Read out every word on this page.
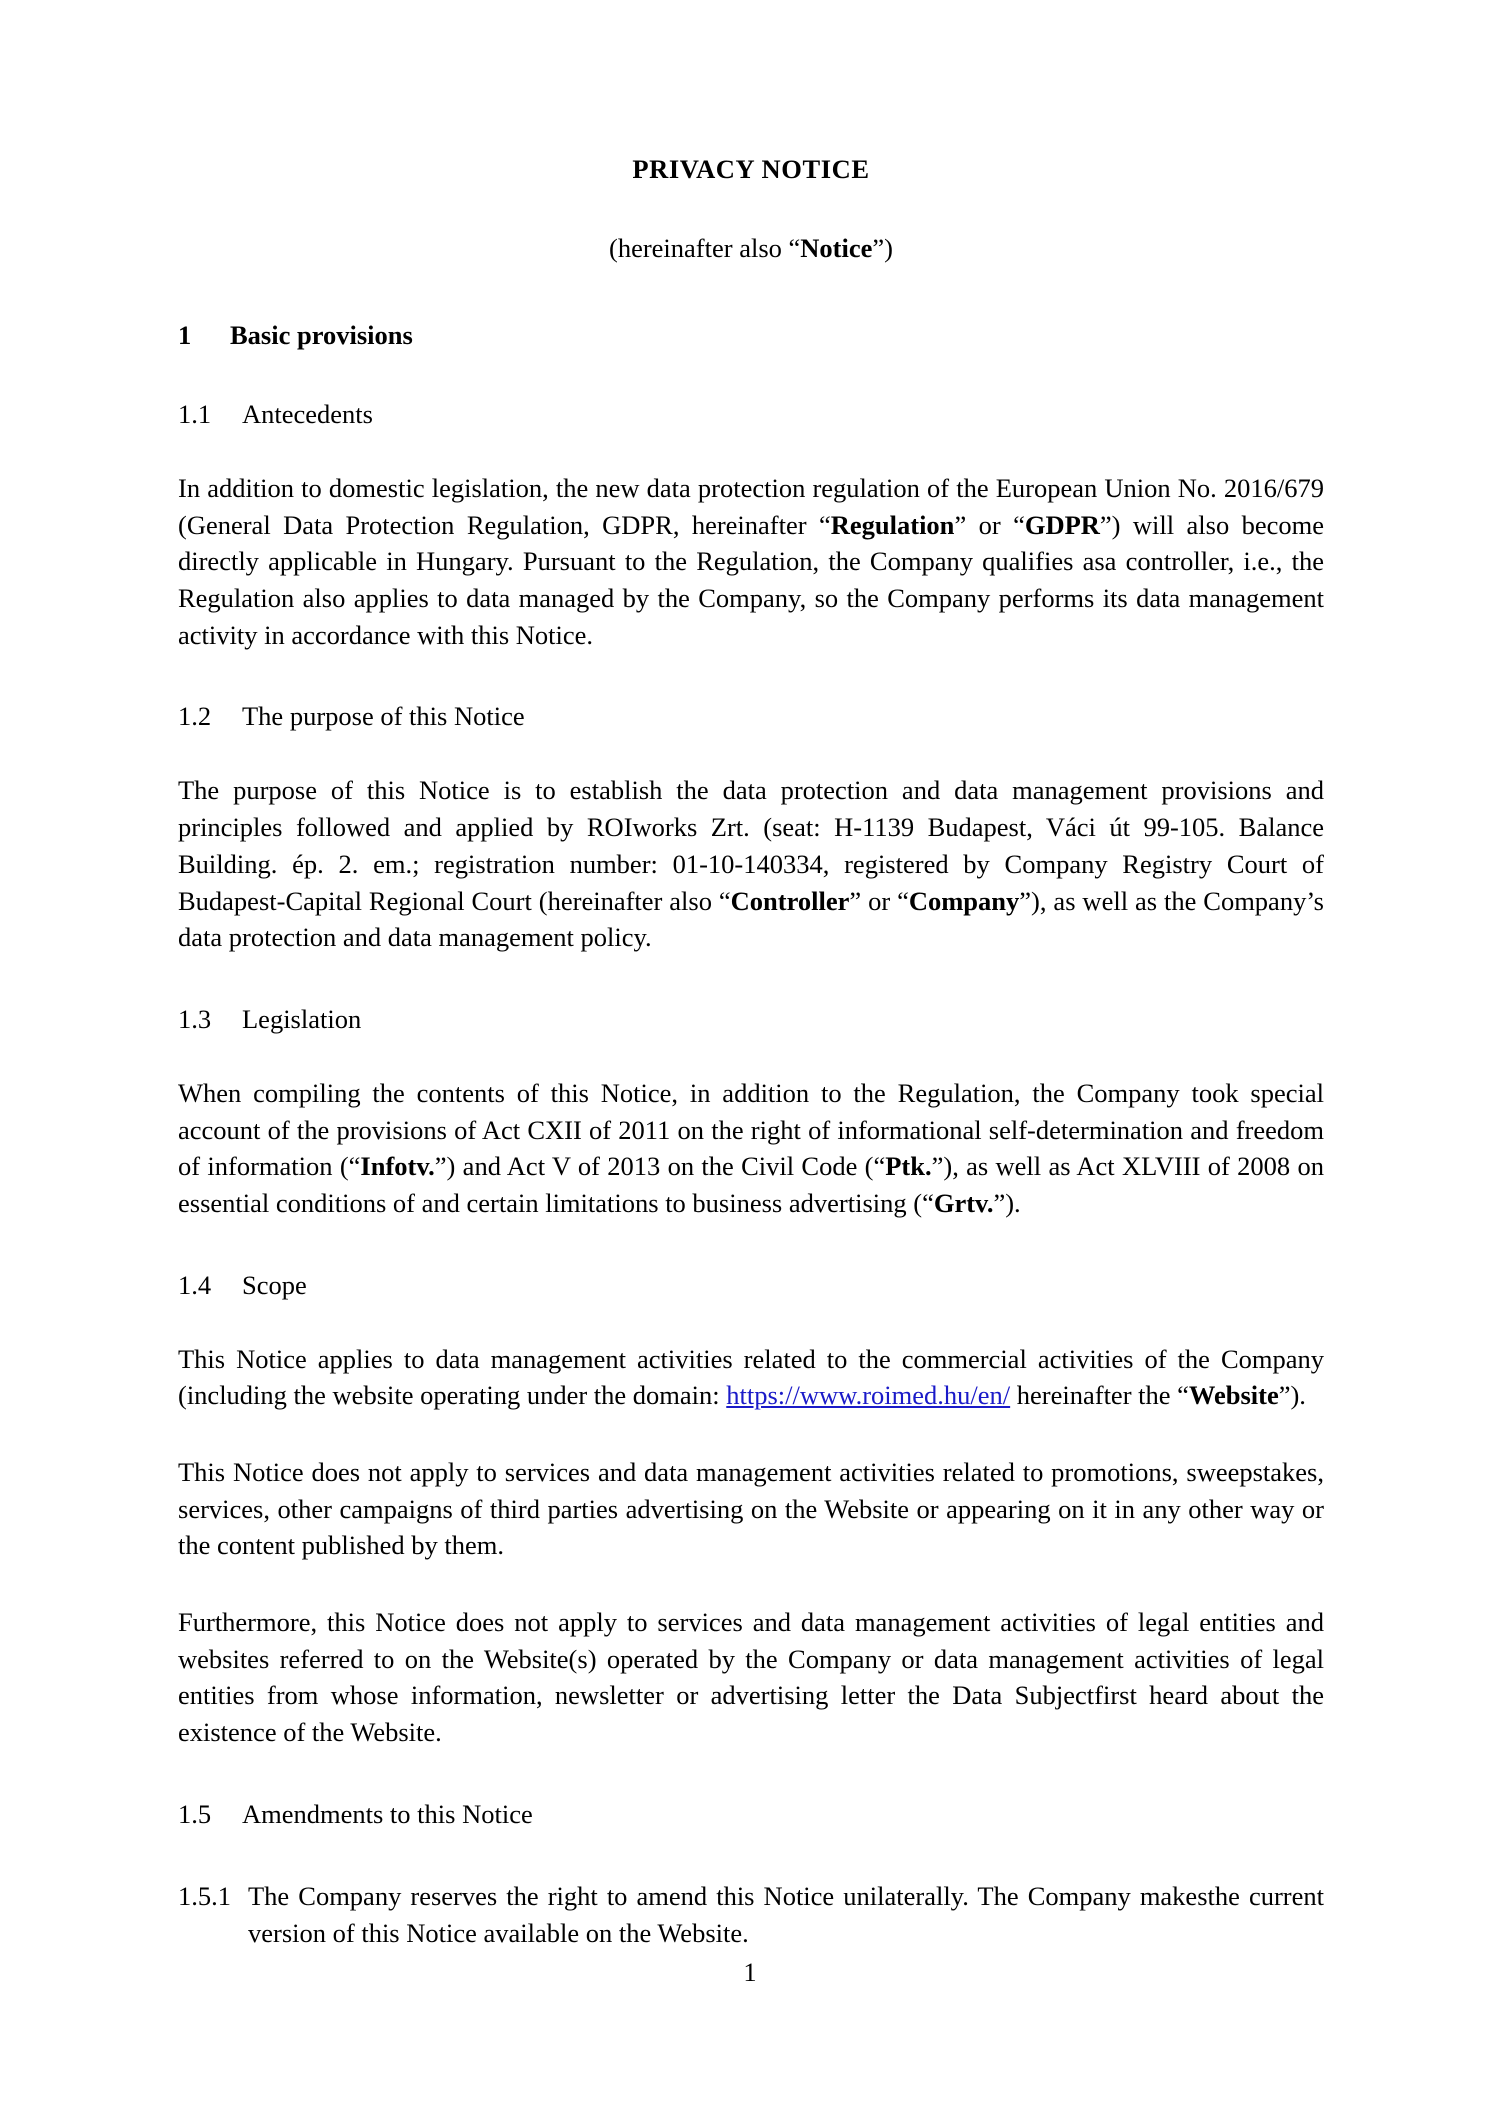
PRIVACY NOTICE
(hereinafter also “Notice”)
1	Basic provisions
1.1	Antecedents

In addition to domestic legislation, the new data protection regulation of the European Union No. 2016/679 (General Data Protection Regulation, GDPR, hereinafter “Regulation” or “GDPR”) will also become directly applicable in Hungary. Pursuant to the Regulation, the Company qualifies asa controller, i.e., the Regulation also applies to data managed by the Company, so the Company performs its data management activity in accordance with this Notice.

1.2	The purpose of this Notice

The purpose of this Notice is to establish the data protection and data management provisions and principles followed and applied by ROIworks Zrt. (seat: H-1139 Budapest, Váci út 99-105. Balance Building. ép. 2. em.; registration number: 01-10-140334, registered by Company Registry Court of Budapest-Capital Regional Court (hereinafter also “Controller” or “Company”), as well as the Company’s data protection and data management policy.

1.3	Legislation

When compiling the contents of this Notice, in addition to the Regulation, the Company took special account of the provisions of Act CXII of 2011 on the right of informational self-determination and freedom of information (“Infotv.”) and Act V of 2013 on the Civil Code (“Ptk.”), as well as Act XLVIII of 2008 on essential conditions of and certain limitations to business advertising (“Grtv.”).

1.4	Scope

This Notice applies to data management activities related to the commercial activities of the Company (including the website operating under the domain: https://www.roimed.hu/en/ hereinafter the “Website”).

This Notice does not apply to services and data management activities related to promotions, sweepstakes, services, other campaigns of third parties advertising on the Website or appearing on it in any other way or the content published by them.

Furthermore, this Notice does not apply to services and data management activities of legal entities and websites referred to on the Website(s) operated by the Company or data management activities of legal entities from whose information, newsletter or advertising letter the Data Subjectfirst heard about the existence of the Website.

1.5	Amendments to this Notice

1.5.1 The Company reserves the right to amend this Notice unilaterally. The Company makesthe current version of this Notice available on the Website.

1
